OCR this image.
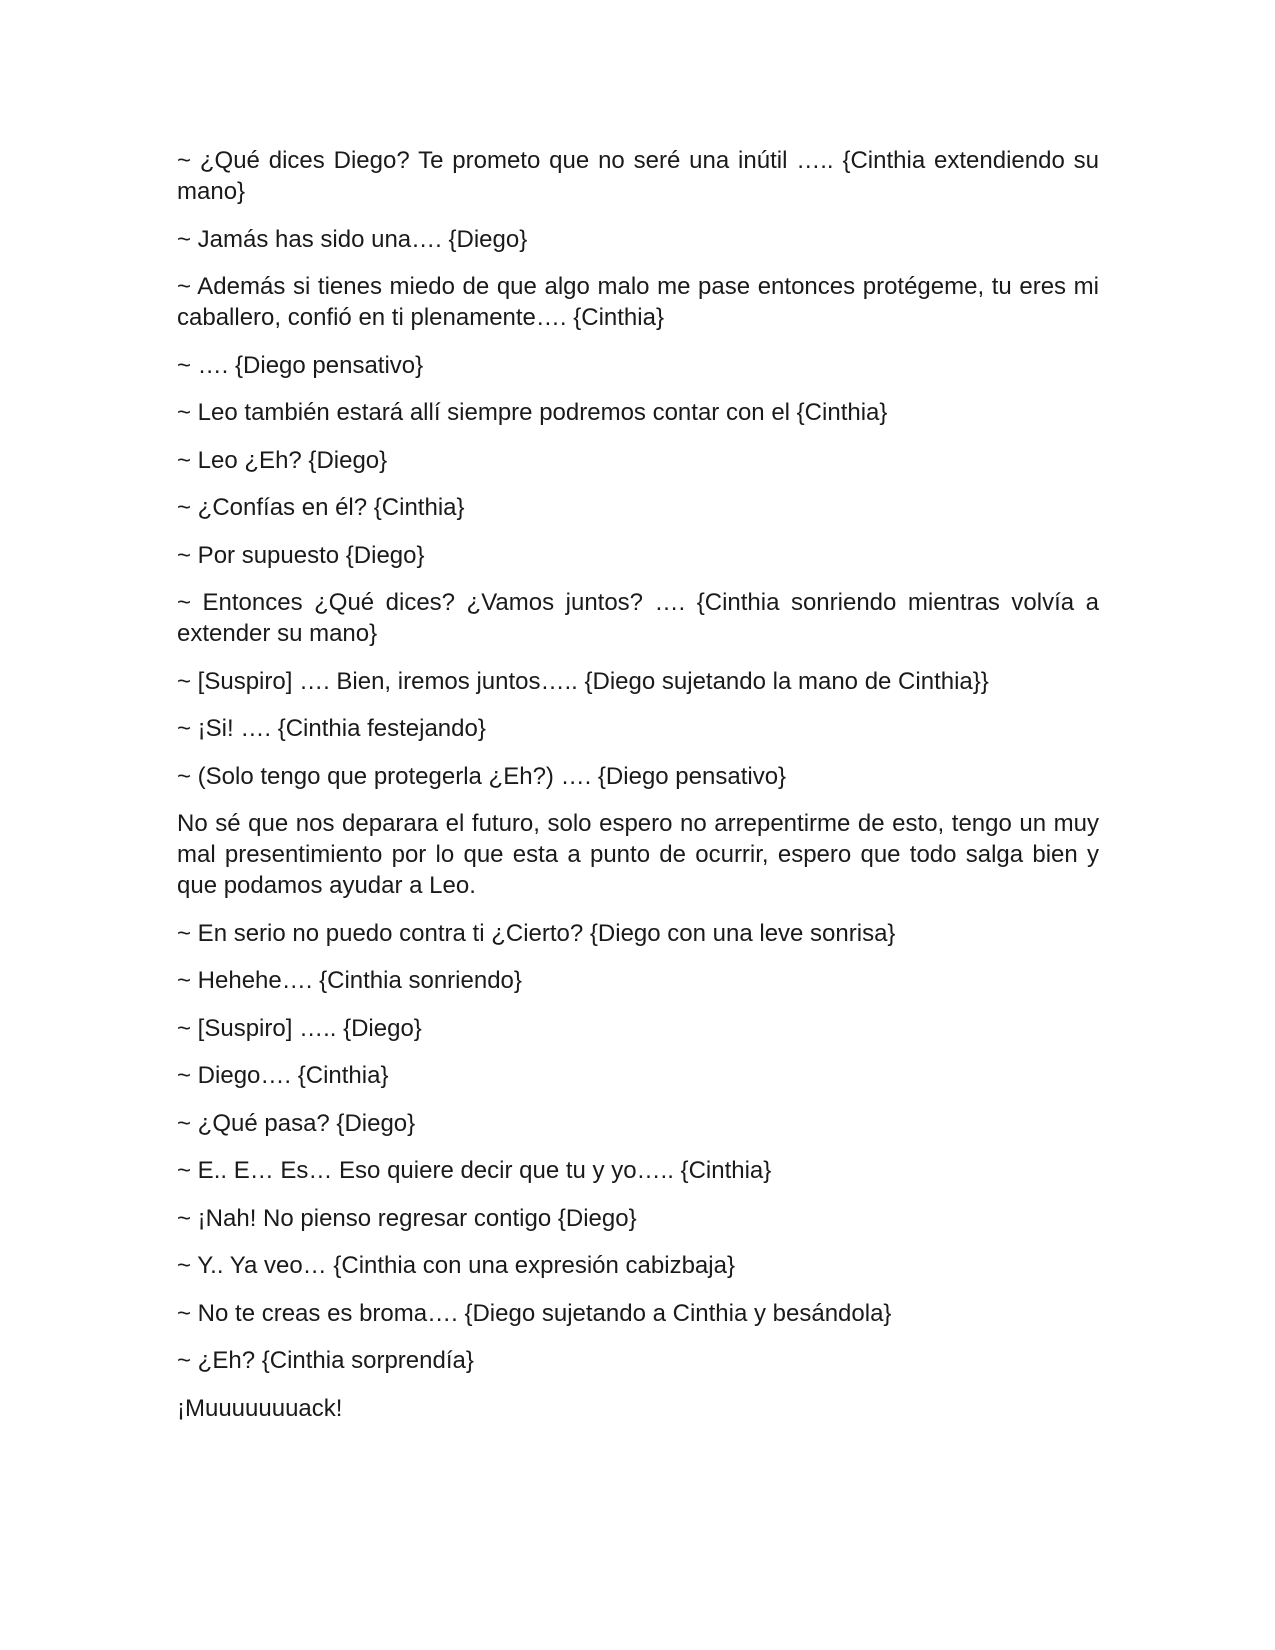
~ ¿Qué dices Diego? Te prometo que no seré una inútil ….. {Cinthia extendiendo su mano}

~ Jamás has sido una…. {Diego}

~ Además si tienes miedo de que algo malo me pase entonces protégeme, tu eres mi caballero, confió en ti plenamente…. {Cinthia}

~ …. {Diego pensativo}

~ Leo también estará allí siempre podremos contar con el {Cinthia}

~ Leo ¿Eh? {Diego}

~ ¿Confías en él? {Cinthia}

~ Por supuesto {Diego}

~ Entonces ¿Qué dices? ¿Vamos juntos? …. {Cinthia sonriendo mientras volvía a extender su mano}

~ [Suspiro] …. Bien, iremos juntos….. {Diego sujetando la mano de Cinthia}}

~ ¡Si! …. {Cinthia festejando}

~ (Solo tengo que protegerla ¿Eh?) …. {Diego pensativo}

No sé que nos deparara el futuro, solo espero no arrepentirme de esto, tengo un muy mal presentimiento por lo que esta a punto de ocurrir, espero que todo salga bien y que podamos ayudar a Leo.

~ En serio no puedo contra ti ¿Cierto? {Diego con una leve sonrisa}

~ Hehehe…. {Cinthia sonriendo}

~ [Suspiro] ….. {Diego}

~ Diego…. {Cinthia}

~ ¿Qué pasa? {Diego}

~ E.. E… Es… Eso quiere decir que tu y yo….. {Cinthia}

~ ¡Nah! No pienso regresar contigo {Diego}

~ Y.. Ya veo… {Cinthia con una expresión cabizbaja}

~ No te creas es broma…. {Diego sujetando a Cinthia y besándola}

~ ¿Eh? {Cinthia sorprendía}

¡Muuuuuuuack!
